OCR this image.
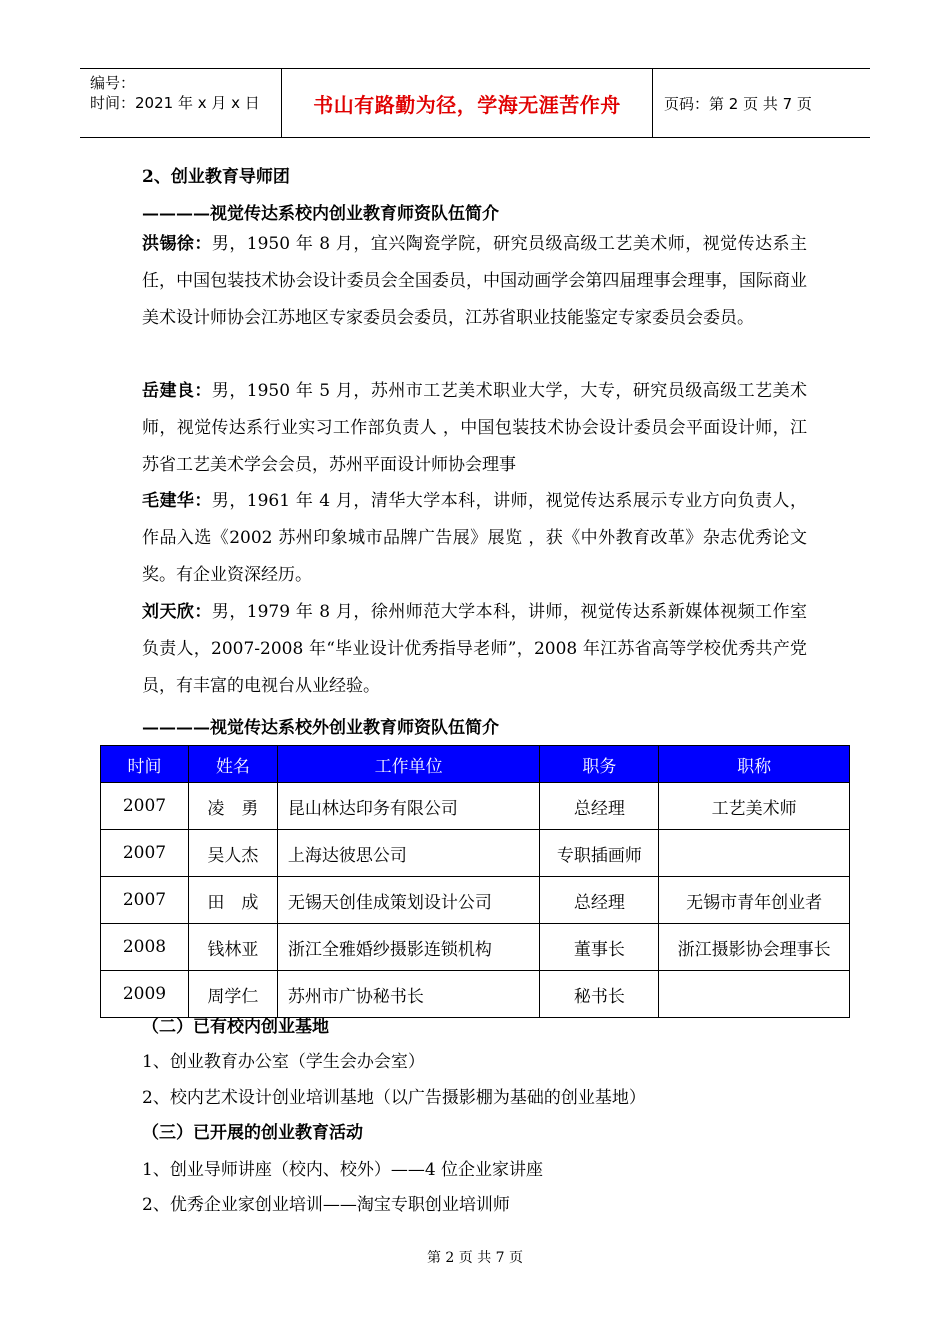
编号：
时间：2021 年 x 月 x 日	书山有路勤为径，学海无涯苦作舟	页码：第 2 页 共 7 页
2、创业教育导师团
————视觉传达系校内创业教育师资队伍简介
洪锡徐：男，1950 年 8 月，宜兴陶瓷学院，研究员级高级工艺美术师，视觉传达系主任，中国包装技术协会设计委员会全国委员，中国动画学会第四届理事会理事，国际商业美术设计师协会江苏地区专家委员会委员，江苏省职业技能鉴定专家委员会委员。
岳建良：男，1950 年 5 月，苏州市工艺美术职业大学，大专，研究员级高级工艺美术师，视觉传达系行业实习工作部负责人 ，中国包装技术协会设计委员会平面设计师，江苏省工艺美术学会会员，苏州平面设计师协会理事
毛建华：男，1961 年 4 月，清华大学本科，讲师，视觉传达系展示专业方向负责人，作品入选《2002 苏州印象城市品牌广告展》展览 ，获《中外教育改革》杂志优秀论文奖。有企业资深经历。
刘天欣：男，1979 年 8 月，徐州师范大学本科，讲师，视觉传达系新媒体视频工作室负责人，2007-2008 年“毕业设计优秀指导老师”，2008 年江苏省高等学校优秀共产党员，有丰富的电视台从业经验。
————视觉传达系校外创业教育师资队伍简介
时间	姓名	工作单位	职务	职称
2007	凌　勇	昆山林达印务有限公司	总经理	工艺美术师
2007	吴人杰	上海达彼思公司	专职插画师	
2007	田　成	无锡天创佳成策划设计公司	总经理	无锡市青年创业者
2008	钱林亚	浙江全雅婚纱摄影连锁机构	董事长	浙江摄影协会理事长
2009	周学仁	苏州市广协秘书长	秘书长	
（二）已有校内创业基地
1、创业教育办公室（学生会办会室）
2、校内艺术设计创业培训基地（以广告摄影棚为基础的创业基地）
（三）已开展的创业教育活动
1、创业导师讲座（校内、校外）——4 位企业家讲座
2、优秀企业家创业培训——淘宝专职创业培训师
第 2 页 共 7 页
